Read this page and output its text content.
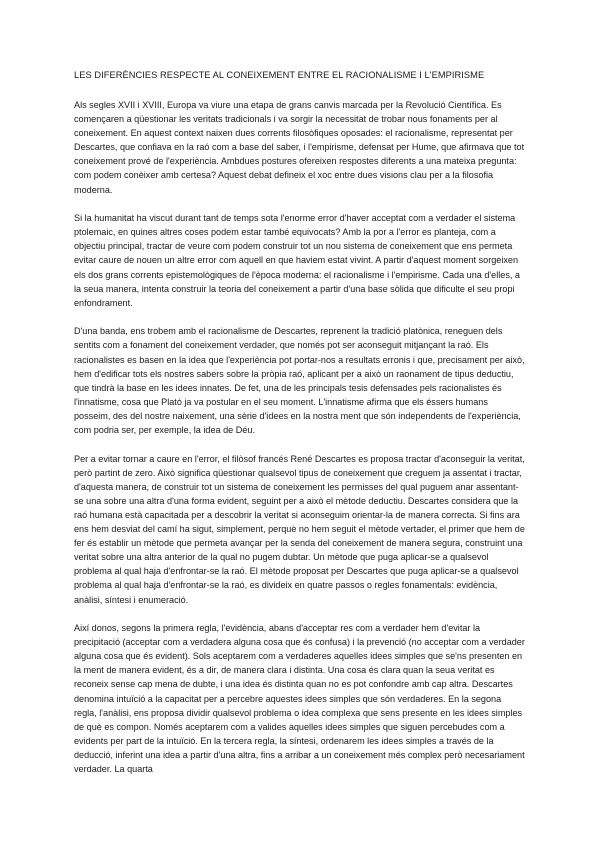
LES DIFERÈNCIES RESPECTE AL CONEIXEMENT ENTRE EL RACIONALISME I L'EMPIRISME

Als segles XVII i XVIII, Europa va viure una etapa de grans canvis marcada per la Revolució Científica. Es començaren a qüestionar les veritats tradicionals i va sorgir la necessitat de trobar nous fonaments per al coneixement. En aquest context naixen dues corrents filosòfiques oposades: el racionalisme, representat per Descartes, que confiava en la raó com a base del saber, i l'empirisme, defensat per Hume, que afirmava que tot coneixement prové de l'experiència. Ambdues postures ofereixen respostes diferents a una mateixa pregunta: com podem conèixer amb certesa? Aquest debat defineix el xoc entre dues visions clau per a la filosofia moderna.

Si la humanitat ha viscut durant tant de temps sota l'enorme error d'haver acceptat com a verdader el sistema ptolemaic, en quines altres coses podem estar també equivocats? Amb la por a l'error es planteja, com a objectiu principal, tractar de veure com podem construir tot un nou sistema de coneixement que ens permeta evitar caure de nouen un altre error com aquell en que haviem estat vivint. A partir d'aquest moment sorgeixen els dos grans corrents epistemològiques de l'època moderna: el racionalisme i l'empirisme. Cada una d'elles, a la seua manera, intenta construir la teoria del coneixement a partir d'una base sòlida que dificulte el seu propi enfondrament.

D'una banda, ens trobem amb el racionalisme de Descartes, reprenent la tradició platònica, reneguen dels sentits com a fonament del coneixement verdader, que només pot ser aconseguit mitjançant la raó. Els racionalistes es basen en la idea que l'experiència pot portar-nos a resultats erronis i que, precisament per això, hem d'edificar tots els nostres sabers sobre la pròpia raó, aplicant per a això un raonament de tipus deductiu, que tindrà la base en les idees innates. De fet, una de les principals tesis defensades pels racionalistes és l'innatisme, cosa que Plató ja va postular en el seu moment. L'innatisme afirma que els éssers humans posseim, des del nostre naixement, una sèrie d'idees en la nostra ment que són independents de l'experiència, com podria ser, per exemple, la idea de Déu.

Per a evitar tornar a caure en l'error, el filòsof francés René Descartes es proposa tractar d'aconseguir la veritat, però partint de zero. Això significa qüestionar qualsevol tipus de coneixement que creguem ja assentat i tractar, d'aquesta manera, de construir tot un sistema de coneixement les permisses del qual puguem anar assentant-se una sobre una altra d'una forma evident, seguint per a això el mètode deductiu. Descartes considera que la raó humana està capacitada per a descobrir la veritat si aconseguim orientar-la de manera correcta. Si fins ara ens hem desviat del camí ha sigut, simplement, perquè no hem seguit el mètode vertader, el primer que hem de fer és establir un mètode que permeta avançar per la senda del coneixement de manera segura, construint una veritat sobre una altra anterior de la qual no pugem dubtar. Un mètode que puga aplicar-se a qualsevol problema al qual haja d'enfrontar-se la raó. El mètode proposat per Descartes que puga aplicar-se a qualsevol problema al qual haja d'enfrontar-se la raó, es divideix en quatre passos o regles fonamentals: evidència, anàlisi, síntesi i enumeració.

Així donos, segons la primera regla, l'evidència, abans d'acceptar res com a verdader hem d'evitar la precipitació (acceptar com a verdadera alguna cosa que és confusa) i la prevenció (no acceptar com a verdader alguna cosa que és evident). Sols aceptarem com a verdaderes aquelles idees simples que se'ns presenten en la ment de manera evident, és a dir, de manera clara i distinta. Una cosa és clara quan la seua veritat es reconeix sense cap mena de dubte, i una idea és distinta quan no es pot confondre amb cap altra. Descartes denomina intuïció a la capacitat per a percebre aquestes idees simples que són verdaderes. En la segona regla, l'anàlisi, ens proposa dividir qualsevol problema o idea complexa que sens presente en les idees simples de què es compon. Només aceptarem com a valides aquelles idees simples que siguen percebudes com a evidents per part de la intuïció. En la tercera regla, la síntesi, ordenarem les idees simples a través de la deducció, inferint una idea a partir d'una altra, fins a arribar a un coneixement més complex però necesariament verdader. La quarta
